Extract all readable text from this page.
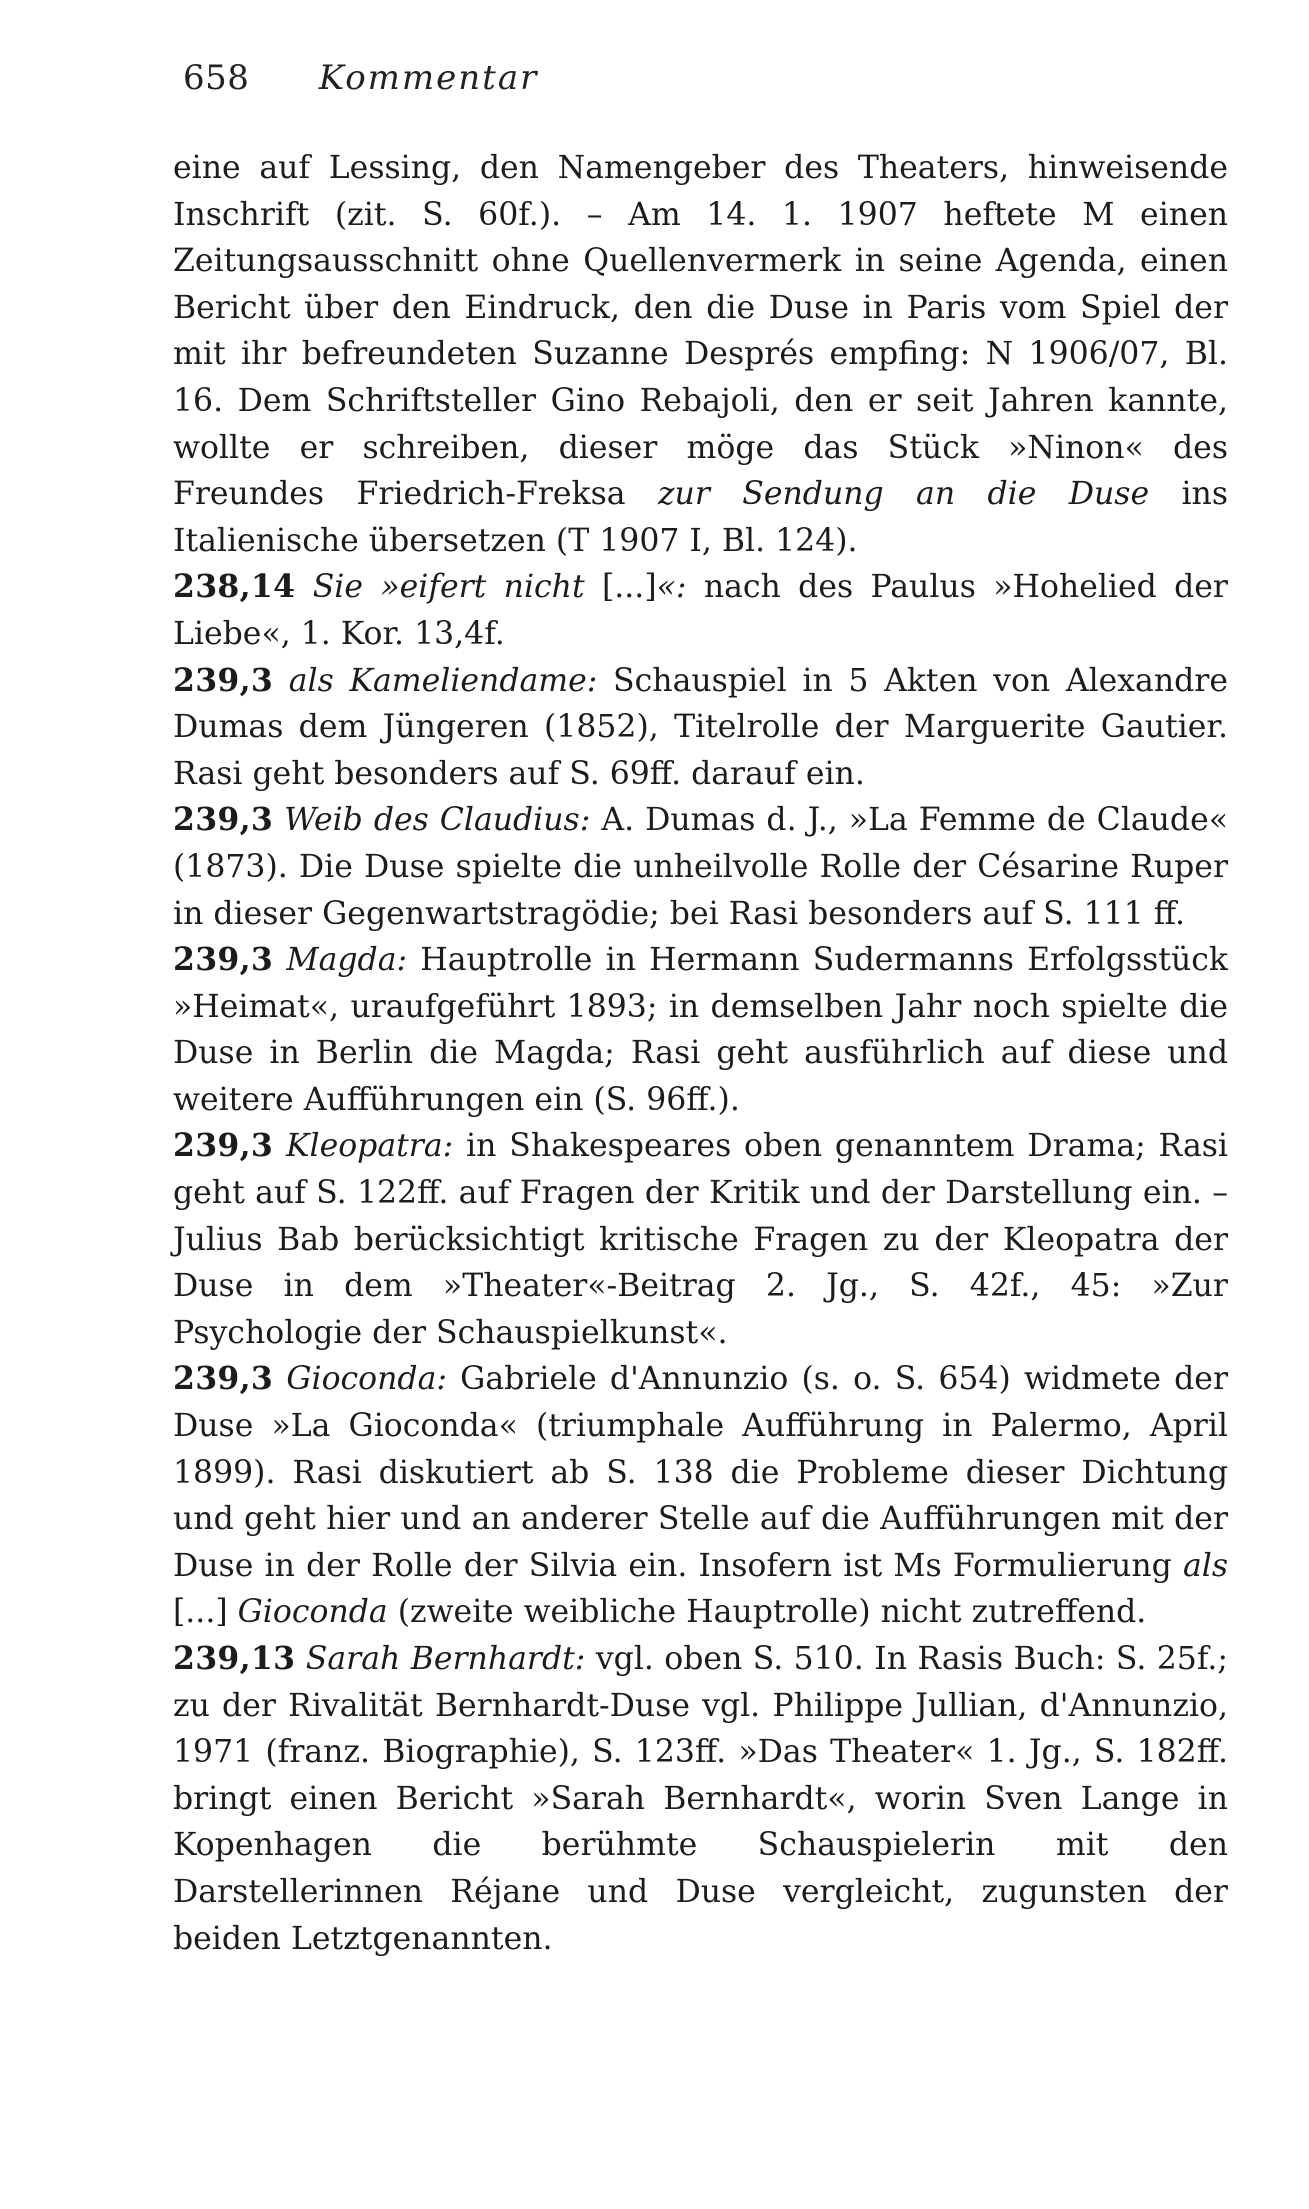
658 Kommentar

eine auf Lessing, den Namengeber des Theaters, hinweisende Inschrift (zit. S. 60f.). – Am 14. 1. 1907 heftete M einen Zeitungsausschnitt ohne Quellenvermerk in seine Agenda, einen Bericht über den Eindruck, den die Duse in Paris vom Spiel der mit ihr befreundeten Suzanne Després empfing: N 1906/07, Bl. 16. Dem Schriftsteller Gino Rebajoli, den er seit Jahren kannte, wollte er schreiben, dieser möge das Stück »Ninon« des Freundes Friedrich-Freksa zur Sendung an die Duse ins Italienische übersetzen (T 1907 I, Bl. 124).

238,14 Sie »eifert nicht [...]«: nach des Paulus »Hohelied der Liebe«, 1. Kor. 13,4f.

239,3 als Kameliendame: Schauspiel in 5 Akten von Alexandre Dumas dem Jüngeren (1852), Titelrolle der Marguerite Gautier. Rasi geht besonders auf S. 69ff. darauf ein.

239,3 Weib des Claudius: A. Dumas d. J., »La Femme de Claude« (1873). Die Duse spielte die unheilvolle Rolle der Césarine Ruper in dieser Gegenwartstragödie; bei Rasi besonders auf S. 111 ff.

239,3 Magda: Hauptrolle in Hermann Sudermanns Erfolgsstück »Heimat«, uraufgeführt 1893; in demselben Jahr noch spielte die Duse in Berlin die Magda; Rasi geht ausführlich auf diese und weitere Aufführungen ein (S. 96ff.).

239,3 Kleopatra: in Shakespeares oben genanntem Drama; Rasi geht auf S. 122ff. auf Fragen der Kritik und der Darstellung ein. – Julius Bab berücksichtigt kritische Fragen zu der Kleopatra der Duse in dem »Theater«-Beitrag 2. Jg., S. 42f., 45: »Zur Psychologie der Schauspielkunst«.

239,3 Gioconda: Gabriele d'Annunzio (s. o. S. 654) widmete der Duse »La Gioconda« (triumphale Aufführung in Palermo, April 1899). Rasi diskutiert ab S. 138 die Probleme dieser Dichtung und geht hier und an anderer Stelle auf die Aufführungen mit der Duse in der Rolle der Silvia ein. Insofern ist Ms Formulierung als [...] Gioconda (zweite weibliche Hauptrolle) nicht zutreffend.

239,13 Sarah Bernhardt: vgl. oben S. 510. In Rasis Buch: S. 25f.; zu der Rivalität Bernhardt-Duse vgl. Philippe Jullian, d'Annunzio, 1971 (franz. Biographie), S. 123ff. »Das Theater« 1. Jg., S. 182ff. bringt einen Bericht »Sarah Bernhardt«, worin Sven Lange in Kopenhagen die berühmte Schauspielerin mit den Darstellerinnen Réjane und Duse vergleicht, zugunsten der beiden Letztgenannten.
